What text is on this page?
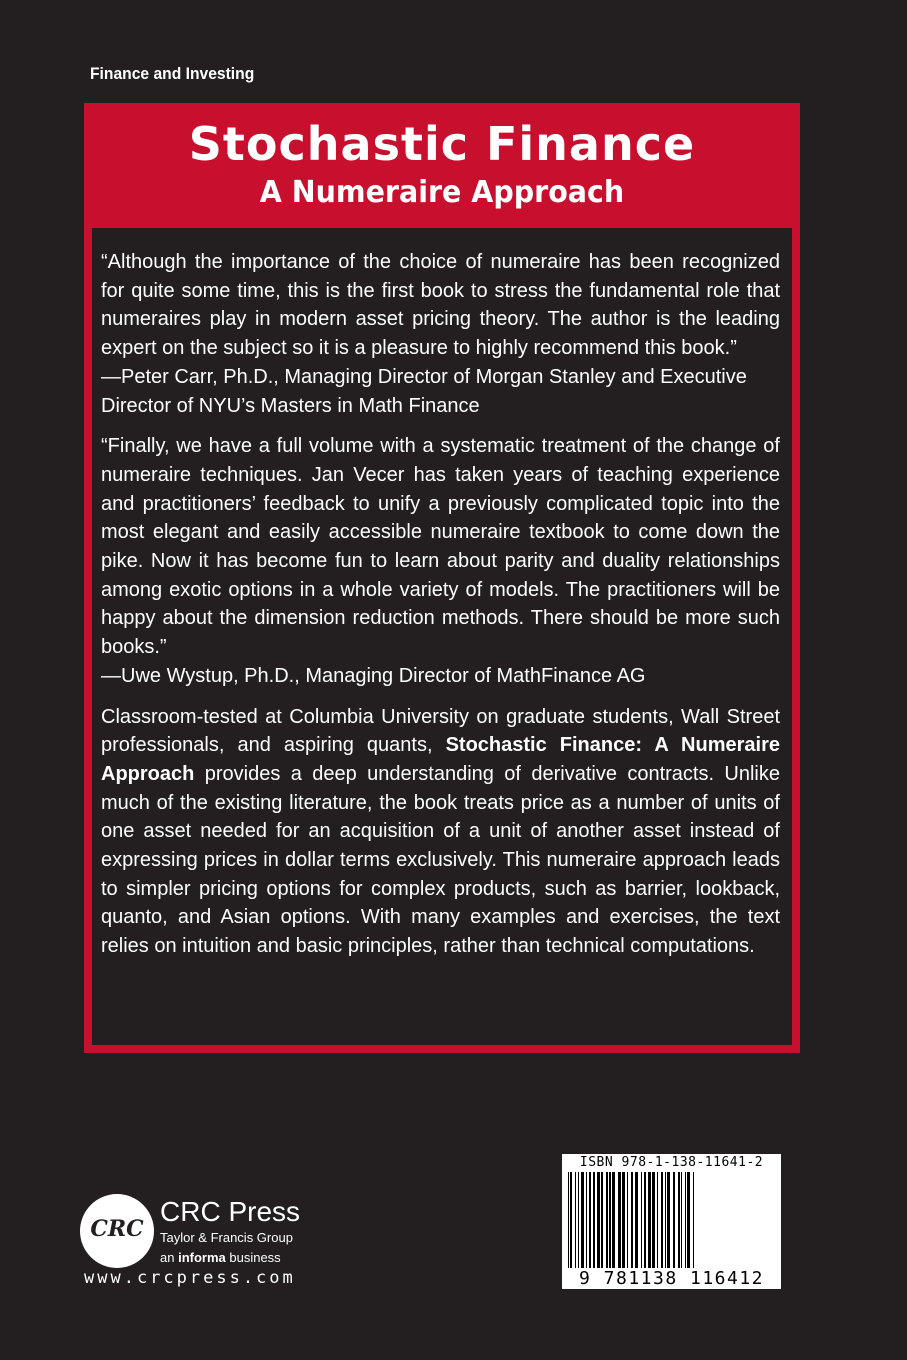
Finance and Investing
Stochastic Finance
A Numeraire Approach

“Although the importance of the choice of numeraire has been recognized for quite some time, this is the first book to stress the fundamental role that numeraires play in modern asset pricing theory. The author is the leading expert on the subject so it is a pleasure to highly recommend this book.”

—Peter Carr, Ph.D., Managing Director of Morgan Stanley and Executive Director of NYU’s Masters in Math Finance

“Finally, we have a full volume with a systematic treatment of the change of numeraire techniques. Jan Vecer has taken years of teaching experience and practitioners’ feedback to unify a previously complicated topic into the most elegant and easily accessible numeraire textbook to come down the pike. Now it has become fun to learn about parity and duality relationships among exotic options in a whole variety of models. The practitioners will be happy about the dimension reduction methods. There should be more such books.”

—Uwe Wystup, Ph.D., Managing Director of MathFinance AG

Classroom-tested at Columbia University on graduate students, Wall Street professionals, and aspiring quants, Stochastic Finance: A Numeraire Approach provides a deep understanding of derivative contracts. Unlike much of the existing literature, the book treats price as a number of units of one asset needed for an acquisition of a unit of another asset instead of expressing prices in dollar terms exclusively. This numeraire approach leads to simpler pricing options for complex products, such as barrier, lookback, quanto, and Asian options. With many examples and exercises, the text relies on intuition and basic principles, rather than technical computations.

CRC
CRC Press
Taylor & Francis Group
an informa business
www.crcpress.com
ISBN 978-1-138-11641-2
9 781138 116412
